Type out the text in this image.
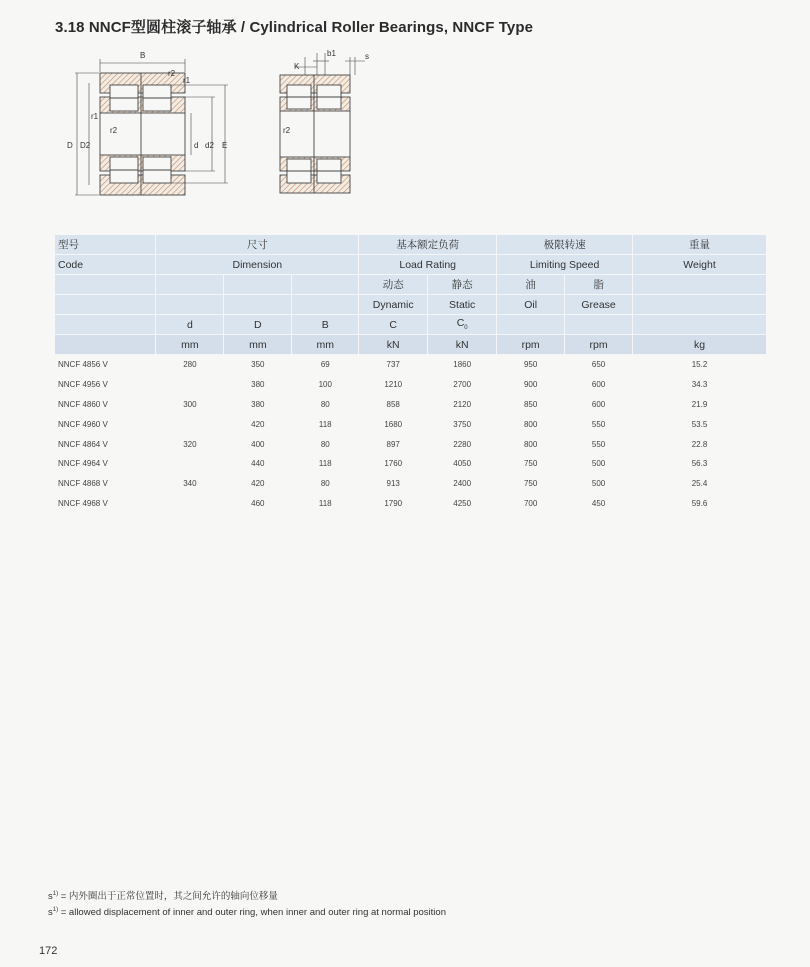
3.18 NNCF型圆柱滚子轴承 / Cylindrical Roller Bearings, NNCF Type
B
r2
r1
r1
r2
D D2	d d2 E
b1	s
K
r2
型号	尺寸			基本额定负荷		极限转速		重量
Code	Dimension			Load Rating		Limiting Speed		Weight
				动态	静态	油	脂	
				Dynamic	Static	Oil	Grease	
	d	D	B	C	$C_0$			
	mm	mm	mm	kN	kN	rpm	rpm	kg
NNCF 4856 V	280	350	69	737	1860	950	650	15.2
NNCF 4956 V		380	100	1210	2700	900	600	34.3
NNCF 4860 V	300	380	80	858	2120	850	600	21.9
NNCF 4960 V		420	118	1680	3750	800	550	53.5
NNCF 4864 V	320	400	80	897	2280	800	550	22.8
NNCF 4964 V		440	118	1760	4050	750	500	56.3
NNCF 4868 V	340	420	80	913	2400	750	500	25.4
NNCF 4968 V		460	118	1790	4250	700	450	59.6
$s^{1)}$ = 内外圈出于正常位置时，其之间允许的轴向位移量
$s^{1)}$ = allowed displacement of inner and outer ring, when inner and outer ring at normal position
172
